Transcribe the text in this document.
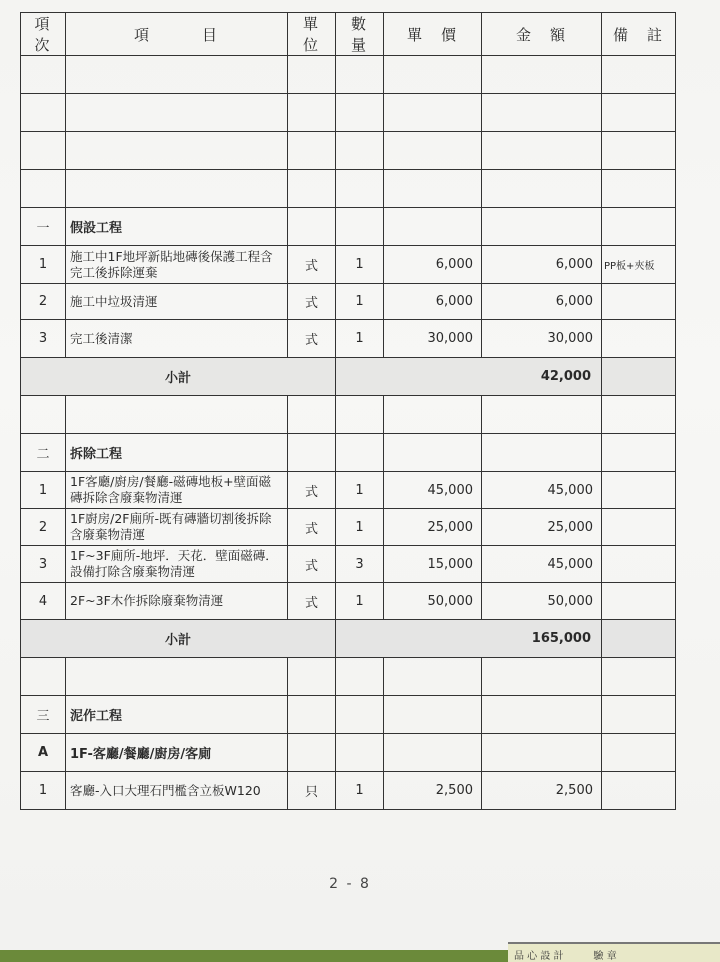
項 次	項　　　目	單 位	數 量	單　價	金　額	備　註

一	假設工程					
1	施工中1F地坪新貼地磚後保護工程含完工後拆除運棄	式	1	6,000	6,000	PP板+夾板
2	施工中垃圾清運	式	1	6,000	6,000	
3	完工後清潔	式	1	30,000	30,000	
小計			42,000			

二	拆除工程					
1	1F客廳/廚房/餐廳-磁磚地板+壁面磁磚拆除含廢棄物清運	式	1	45,000	45,000	
2	1F廚房/2F廁所-既有磚牆切割後拆除含廢棄物清運	式	1	25,000	25,000	
3	1F~3F廁所-地坪．天花．壁面磁磚．設備打除含廢棄物清運	式	3	15,000	45,000	
4	2F~3F木作拆除廢棄物清運	式	1	50,000	50,000	
小計			165,000			

三	泥作工程					
A	1F-客廳/餐廳/廚房/客廁					
1	客廳-入口大理石門檻含立板W120	只	1	2,500	2,500	
2 - 8
品 心 設 計　　　驗 章
